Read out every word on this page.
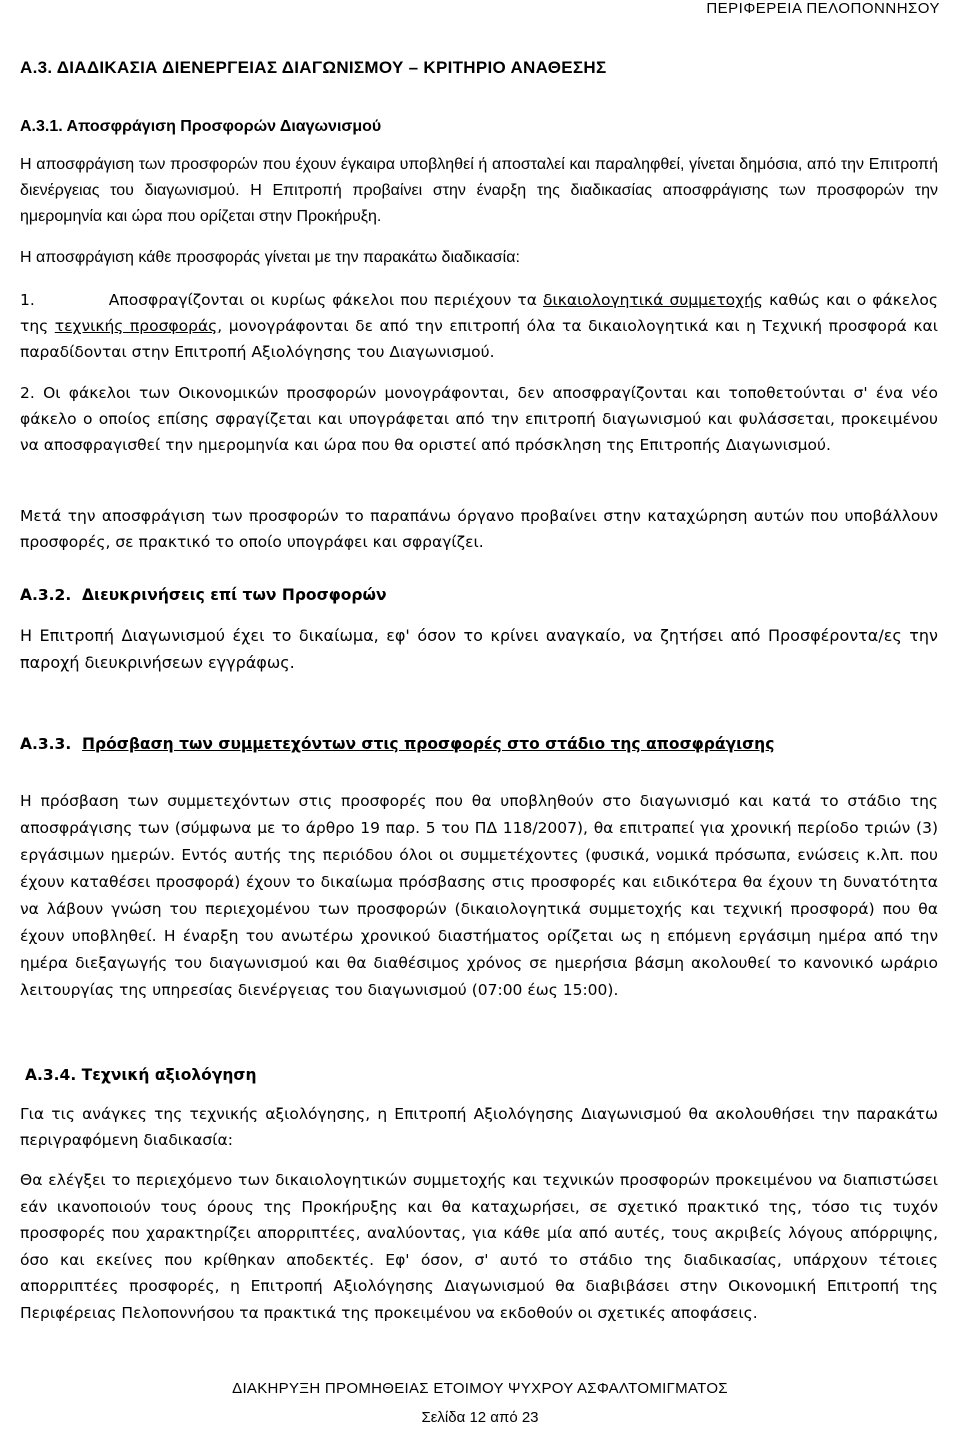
ΠΕΡΙΦΕΡΕΙΑ ΠΕΛΟΠΟΝΝΗΣΟΥ
Α.3. ΔΙΑΔΙΚΑΣΙΑ ΔΙΕΝΕΡΓΕΙΑΣ ΔΙΑΓΩΝΙΣΜΟΥ – ΚΡΙΤΗΡΙΟ ΑΝΑΘΕΣΗΣ
Α.3.1. Αποσφράγιση Προσφορών Διαγωνισμού
Η αποσφράγιση των προσφορών που έχουν έγκαιρα υποβληθεί ή αποσταλεί και παραληφθεί, γίνεται δημόσια, από την Επιτροπή διενέργειας του διαγωνισμού. Η Επιτροπή προβαίνει στην έναρξη της διαδικασίας αποσφράγισης των προσφορών την ημερομηνία και ώρα που ορίζεται στην Προκήρυξη.
Η αποσφράγιση κάθε προσφοράς γίνεται με την παρακάτω διαδικασία:
1.	Αποσφραγίζονται οι κυρίως φάκελοι που περιέχουν τα δικαιολογητικά συμμετοχής καθώς και ο φάκελος της τεχνικής προσφοράς, μονογράφονται δε από την επιτροπή όλα τα δικαιολογητικά και η Τεχνική προσφορά και παραδίδονται στην Επιτροπή Αξιολόγησης του Διαγωνισμού.
2. Οι φάκελοι των Οικονομικών προσφορών μονογράφονται, δεν αποσφραγίζονται και τοποθετούνται σ' ένα νέο φάκελο ο οποίος επίσης σφραγίζεται και υπογράφεται από την επιτροπή διαγωνισμού και φυλάσσεται, προκειμένου να αποσφραγισθεί την ημερομηνία και ώρα που θα οριστεί από πρόσκληση της Επιτροπής Διαγωνισμού.
Μετά την αποσφράγιση των προσφορών το παραπάνω όργανο προβαίνει στην καταχώρηση αυτών που υποβάλλουν προσφορές, σε πρακτικό το οποίο υπογράφει και σφραγίζει.
Α.3.2. Διευκρινήσεις επί των Προσφορών
Η Επιτροπή Διαγωνισμού έχει το δικαίωμα, εφ' όσον το κρίνει αναγκαίο, να ζητήσει από Προσφέροντα/ες την παροχή διευκρινήσεων εγγράφως.
Α.3.3. Πρόσβαση των συμμετεχόντων στις προσφορές στο στάδιο της αποσφράγισης
Η πρόσβαση των συμμετεχόντων στις προσφορές που θα υποβληθούν στο διαγωνισμό και κατά το στάδιο της αποσφράγισης των (σύμφωνα με το άρθρο 19 παρ. 5 του ΠΔ 118/2007), θα επιτραπεί για χρονική περίοδο τριών (3) εργάσιμων ημερών. Εντός αυτής της περιόδου όλοι οι συμμετέχοντες (φυσικά, νομικά πρόσωπα, ενώσεις κ.λπ. που έχουν καταθέσει προσφορά) έχουν το δικαίωμα πρόσβασης στις προσφορές και ειδικότερα θα έχουν τη δυνατότητα να λάβουν γνώση του περιεχομένου των προσφορών (δικαιολογητικά συμμετοχής και τεχνική προσφορά) που θα έχουν υποβληθεί. Η έναρξη του ανωτέρω χρονικού διαστήματος ορίζεται ως η επόμενη εργάσιμη ημέρα από την ημέρα διεξαγωγής του διαγωνισμού και θα διαθέσιμος χρόνος σε ημερήσια βάσμη ακολουθεί το κανονικό ωράριο λειτουργίας της υπηρεσίας διενέργειας του διαγωνισμού (07:00 έως 15:00).
Α.3.4. Τεχνική αξιολόγηση
Για τις ανάγκες της τεχνικής αξιολόγησης, η Επιτροπή Αξιολόγησης Διαγωνισμού θα ακολουθήσει την παρακάτω περιγραφόμενη διαδικασία:
Θα ελέγξει το περιεχόμενο των δικαιολογητικών συμμετοχής και τεχνικών προσφορών προκειμένου να διαπιστώσει εάν ικανοποιούν τους όρους της Προκήρυξης και θα καταχωρήσει, σε σχετικό πρακτικό της, τόσο τις τυχόν προσφορές που χαρακτηρίζει απορριπτέες, αναλύοντας, για κάθε μία από αυτές, τους ακριβείς λόγους απόρριψης, όσο και εκείνες που κρίθηκαν αποδεκτές. Εφ' όσον, σ' αυτό το στάδιο της διαδικασίας, υπάρχουν τέτοιες απορριπτέες προσφορές, η Επιτροπή Αξιολόγησης Διαγωνισμού θα διαβιβάσει στην Οικονομική Επιτροπή της Περιφέρειας Πελοποννήσου τα πρακτικά της προκειμένου να εκδοθούν οι σχετικές αποφάσεις.
ΔΙΑΚΗΡΥΞΗ ΠΡΟΜΗΘΕΙΑΣ ΕΤΟΙΜΟΥ ΨΥΧΡΟΥ ΑΣΦΑΛΤΟΜΙΓΜΑΤΟΣ
Σελίδα 12 από 23
